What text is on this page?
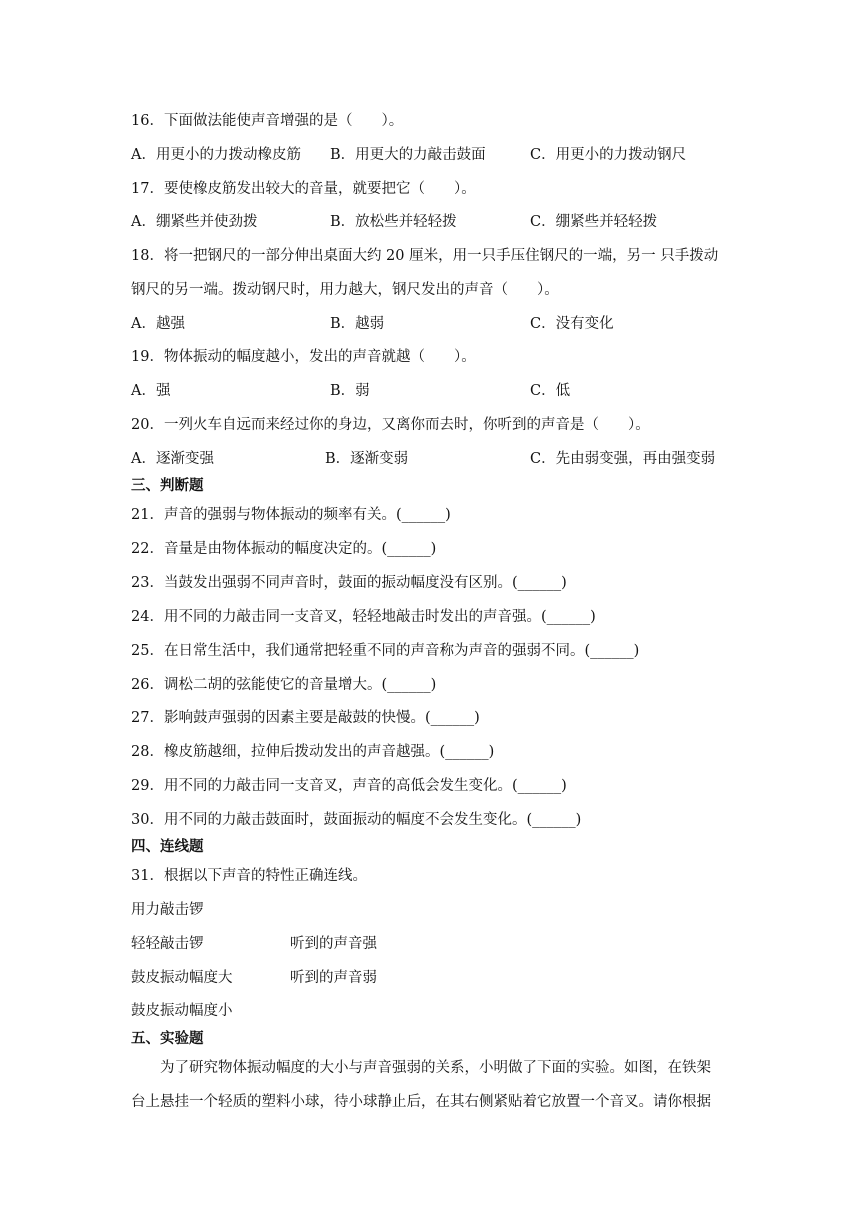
16．下面做法能使声音增强的是（　　）。
A．用更小的力拨动橡皮筋 B．用更大的力敲击鼓面	C．用更小的力拨动钢尺
17．要使橡皮筋发出较大的音量，就要把它（　　）。
A．绷紧些并使劲拨	B．放松些并轻轻拨	C．绷紧些并轻轻拨
18．将一把钢尺的一部分伸出桌面大约 20 厘米，用一只手压住钢尺的一端，另一 只手拨动
钢尺的另一端。拨动钢尺时，用力越大，钢尺发出的声音（　　）。
A．越强	B．越弱	C．没有变化
19．物体振动的幅度越小，发出的声音就越（　　）。
A．强	B．弱	C．低
20．一列火车自远而来经过你的身边，又离你而去时，你听到的声音是（　　）。
A．逐渐变强	B．逐渐变弱	C．先由弱变强，再由强变弱
三、判断题
21．声音的强弱与物体振动的频率有关。(______)
22．音量是由物体振动的幅度决定的。(______)
23．当鼓发出强弱不同声音时，鼓面的振动幅度没有区别。(______)
24．用不同的力敲击同一支音叉，轻轻地敲击时发出的声音强。(______)
25．在日常生活中，我们通常把轻重不同的声音称为声音的强弱不同。(______)
26．调松二胡的弦能使它的音量增大。(______)
27．影响鼓声强弱的因素主要是敲鼓的快慢。(______)
28．橡皮筋越细，拉伸后拨动发出的声音越强。(______)
29．用不同的力敲击同一支音叉，声音的高低会发生变化。(______)
30．用不同的力敲击鼓面时，鼓面振动的幅度不会发生变化。(______)
四、连线题
31．根据以下声音的特性正确连线。
用力敲击锣
轻轻敲击锣	听到的声音强
鼓皮振动幅度大	听到的声音弱
鼓皮振动幅度小
五、实验题
为了研究物体振动幅度的大小与声音强弱的关系，小明做了下面的实验。如图，在铁架
台上悬挂一个轻质的塑料小球，待小球静止后，在其右侧紧贴着它放置一个音叉。请你根据
